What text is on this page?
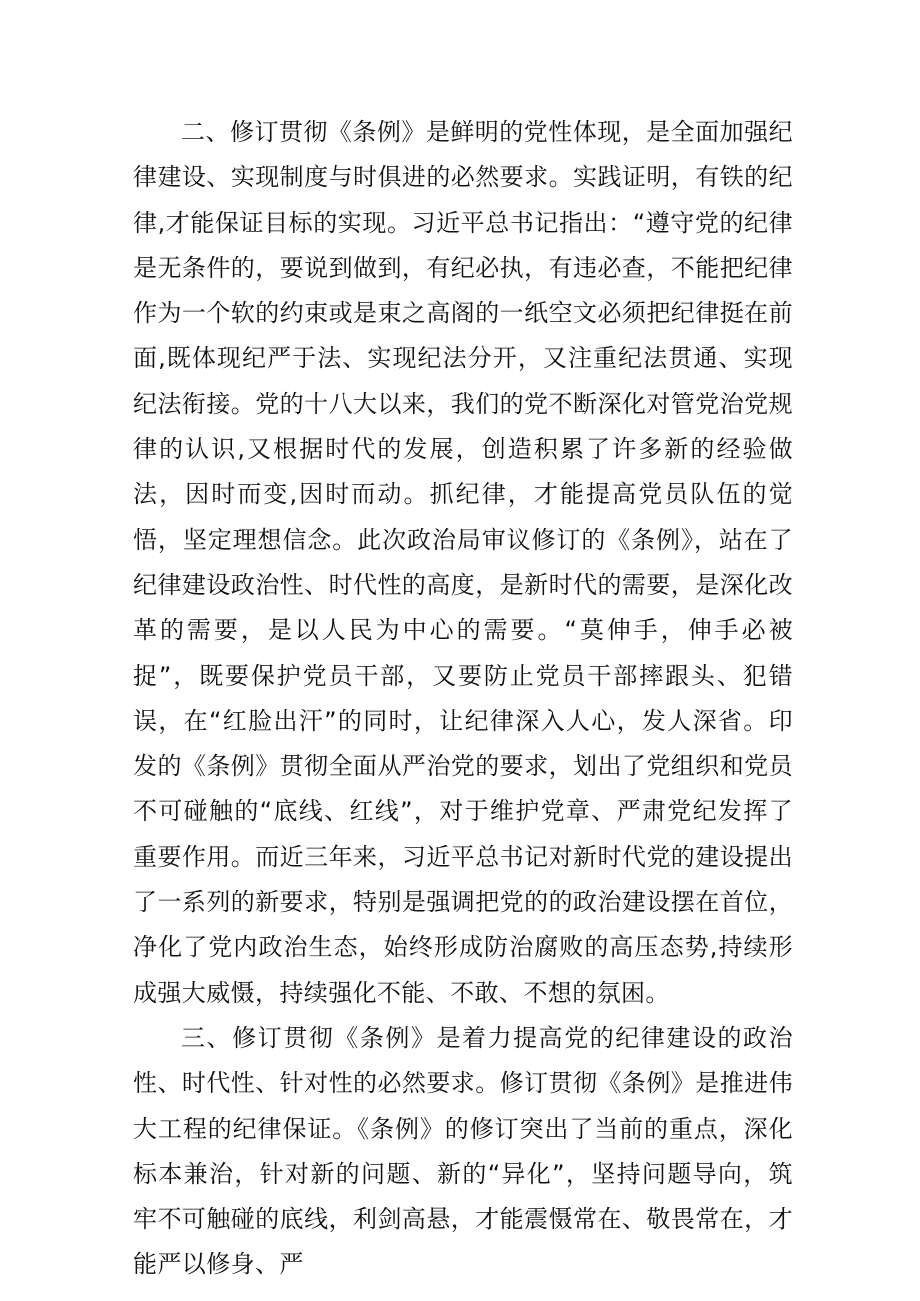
二、修订贯彻《条例》是鲜明的党性体现，是全面加强纪律建设、实现制度与时俱进的必然要求。实践证明，有铁的纪律,才能保证目标的实现。习近平总书记指出：“遵守党的纪律是无条件的，要说到做到，有纪必执，有违必查，不能把纪律作为一个软的约束或是束之高阁的一纸空文必须把纪律挺在前面,既体现纪严于法、实现纪法分开，又注重纪法贯通、实现纪法衔接。党的十八大以来，我们的党不断深化对管党治党规律的认识,又根据时代的发展，创造积累了许多新的经验做法，因时而变,因时而动。抓纪律，才能提高党员队伍的觉悟，坚定理想信念。此次政治局审议修订的《条例》，站在了纪律建设政治性、时代性的高度，是新时代的需要，是深化改革的需要，是以人民为中心的需要。“莫伸手，伸手必被捉”，既要保护党员干部，又要防止党员干部摔跟头、犯错误，在“红脸出汗”的同时，让纪律深入人心，发人深省。印发的《条例》贯彻全面从严治党的要求，划出了党组织和党员不可碰触的“底线、红线”，对于维护党章、严肃党纪发挥了重要作用。而近三年来，习近平总书记对新时代党的建设提出了一系列的新要求，特别是强调把党的的政治建设摆在首位，净化了党内政治生态，始终形成防治腐败的高压态势,持续形成强大威慑，持续强化不能、不敢、不想的氛困。

三、修订贯彻《条例》是着力提高党的纪律建设的政治性、时代性、针对性的必然要求。修订贯彻《条例》是推进伟大工程的纪律保证。《条例》的修订突出了当前的重点，深化标本兼治，针对新的问题、新的“异化”，坚持问题导向，筑牢不可触碰的底线，利剑高悬，才能震慑常在、敬畏常在，才能严以修身、严
